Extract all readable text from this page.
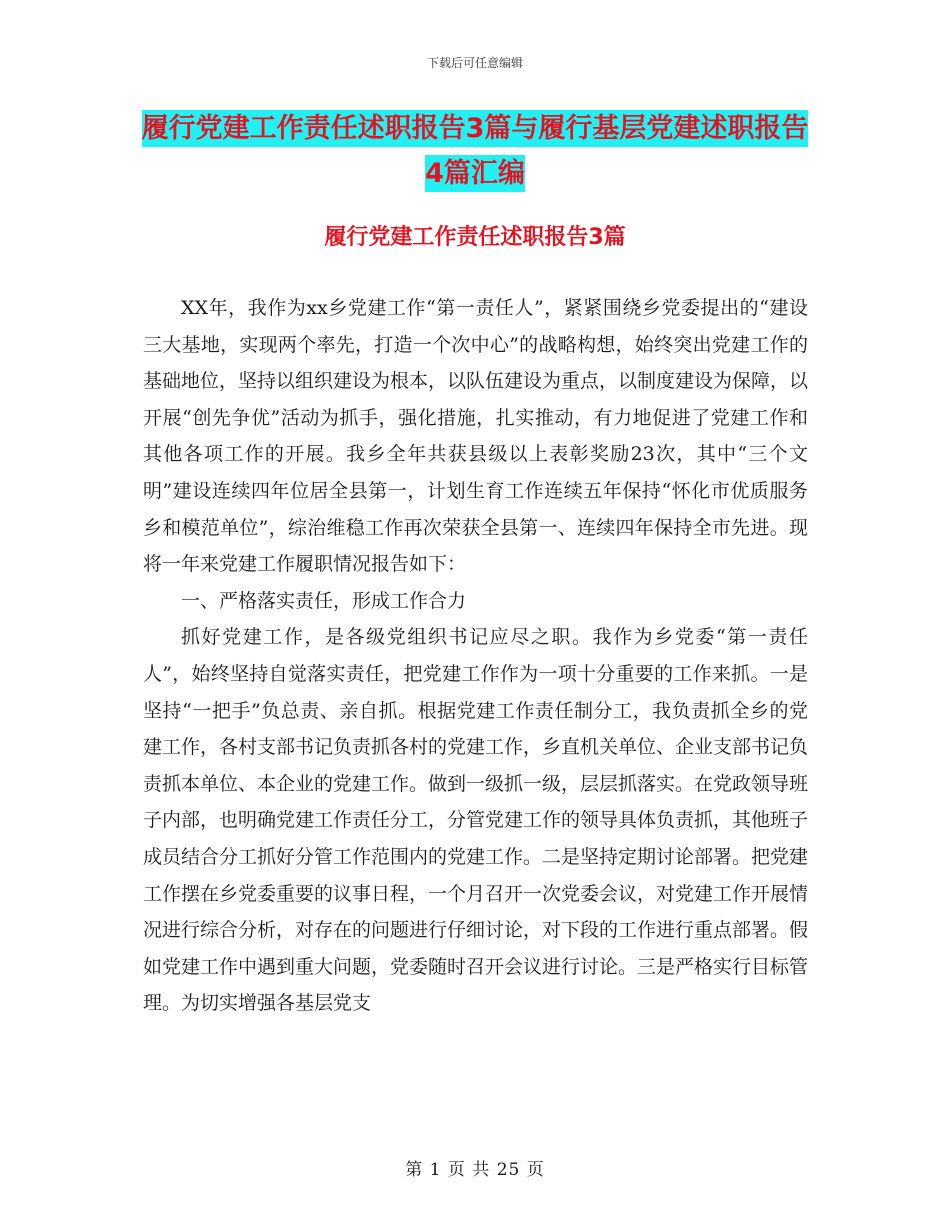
下载后可任意编辑
履行党建工作责任述职报告3篇与履行基层党建述职报告4篇汇编
履行党建工作责任述职报告3篇

XX年，我作为xx乡党建工作“第一责任人”，紧紧围绕乡党委提出的“建设三大基地，实现两个率先，打造一个次中心”的战略构想，始终突出党建工作的基础地位，坚持以组织建设为根本，以队伍建设为重点，以制度建设为保障，以开展“创先争优”活动为抓手，强化措施，扎实推动，有力地促进了党建工作和其他各项工作的开展。我乡全年共获县级以上表彰奖励23次，其中“三个文明”建设连续四年位居全县第一，计划生育工作连续五年保持“怀化市优质服务乡和模范单位”，综治维稳工作再次荣获全县第一、连续四年保持全市先进。现将一年来党建工作履职情况报告如下：

一、严格落实责任，形成工作合力

抓好党建工作，是各级党组织书记应尽之职。我作为乡党委“第一责任人”，始终坚持自觉落实责任，把党建工作作为一项十分重要的工作来抓。一是坚持“一把手”负总责、亲自抓。根据党建工作责任制分工，我负责抓全乡的党建工作，各村支部书记负责抓各村的党建工作，乡直机关单位、企业支部书记负责抓本单位、本企业的党建工作。做到一级抓一级，层层抓落实。在党政领导班子内部，也明确党建工作责任分工，分管党建工作的领导具体负责抓，其他班子成员结合分工抓好分管工作范围内的党建工作。二是坚持定期讨论部署。把党建工作摆在乡党委重要的议事日程，一个月召开一次党委会议，对党建工作开展情况进行综合分析，对存在的问题进行仔细讨论，对下段的工作进行重点部署。假如党建工作中遇到重大问题，党委随时召开会议进行讨论。三是严格实行目标管理。为切实增强各基层党支

第 1 页 共 25 页
